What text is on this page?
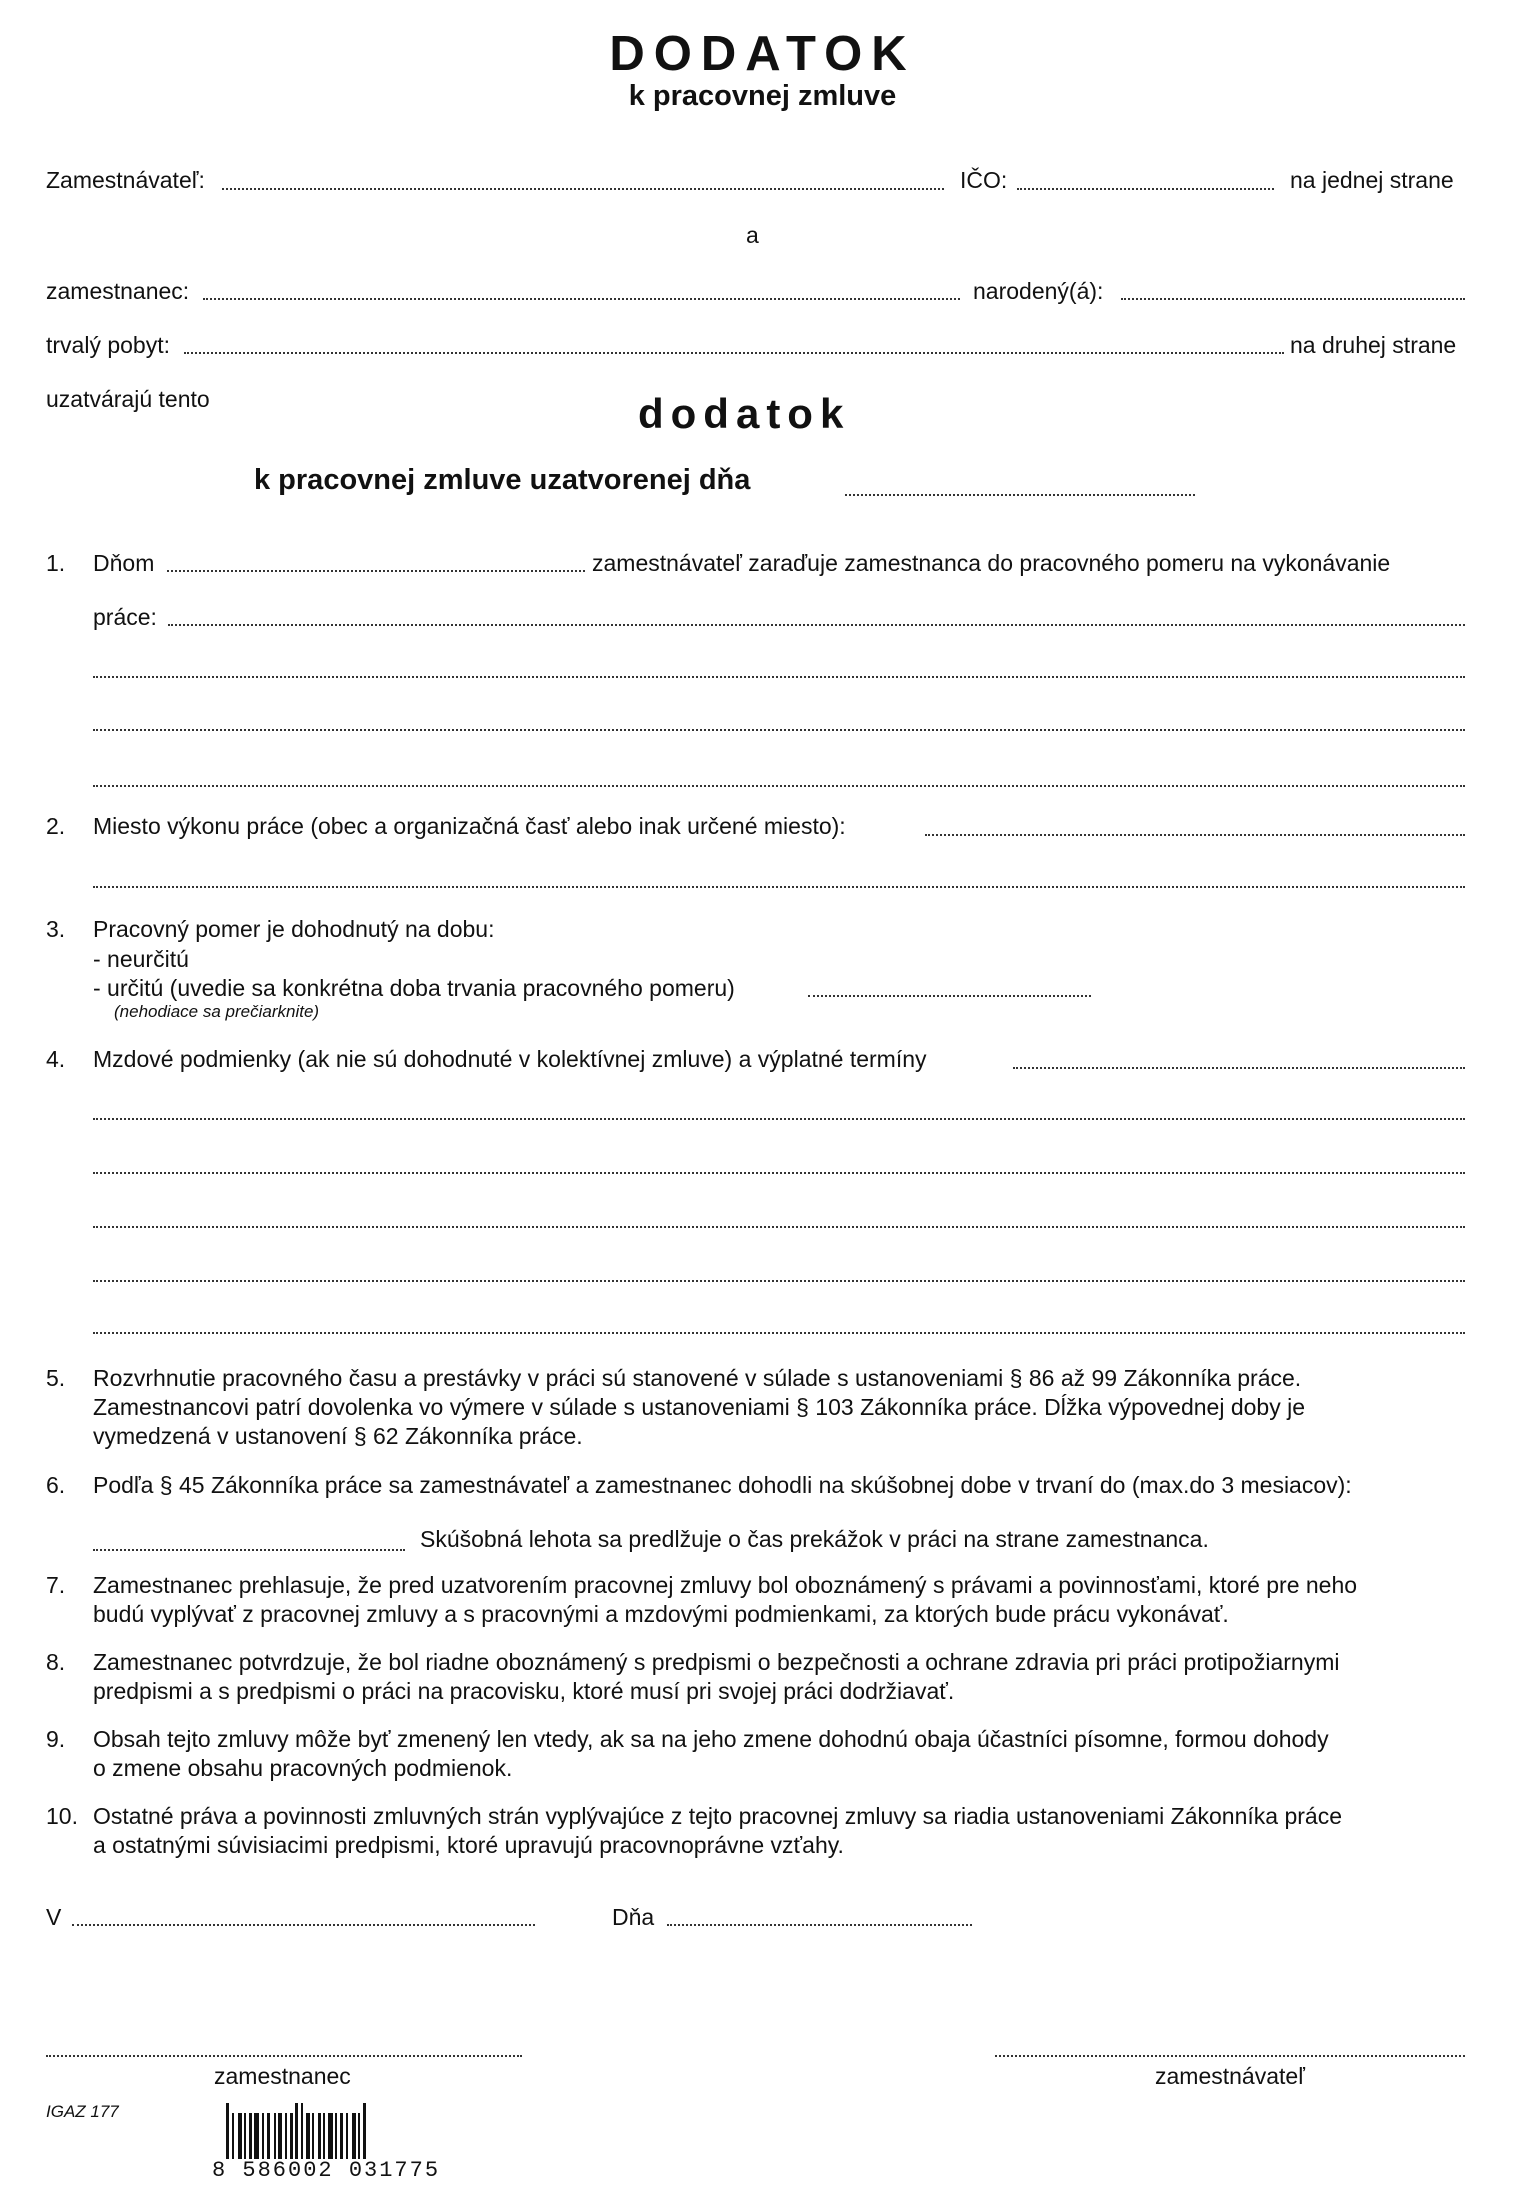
DODATOK
k pracovnej zmluve
Zamestnávateľ:	IČO:	na jednej strane
a
zamestnanec:	narodený(á):
trvalý pobyt:	na druhej strane
uzatvárajú tento	dodatok
k pracovnej zmluve uzatvorenej dňa
1. Dňom	zamestnávateľ zaraďuje zamestnanca do pracovného pomeru na vykonávanie
práce:
2. Miesto výkonu práce (obec a organizačná časť alebo inak určené miesto):
3. Pracovný pomer je dohodnutý na dobu:
- neurčitú
- určitú (uvedie sa konkrétna doba trvania pracovného pomeru)
(nehodiace sa prečiarknite)
4. Mzdové podmienky (ak nie sú dohodnuté v kolektívnej zmluve) a výplatné termíny
5. Rozvrhnutie pracovného času a prestávky v práci sú stanovené v súlade s ustanoveniami § 86 až 99 Zákonníka práce.
Zamestnancovi patrí dovolenka vo výmere v súlade s ustanoveniami § 103 Zákonníka práce. Dĺžka výpovednej doby je
vymedzená v ustanovení § 62 Zákonníka práce.
6. Podľa § 45 Zákonníka práce sa zamestnávateľ a zamestnanec dohodli na skúšobnej dobe v trvaní do (max.do 3 mesiacov):
Skúšobná lehota sa predlžuje o čas prekážok v práci na strane zamestnanca.
7. Zamestnanec prehlasuje, že pred uzatvorením pracovnej zmluvy bol oboznámený s právami a povinnosťami, ktoré pre neho
budú vyplývať z pracovnej zmluvy a s pracovnými a mzdovými podmienkami, za ktorých bude prácu vykonávať.
8. Zamestnanec potvrdzuje, že bol riadne oboznámený s predpismi o bezpečnosti a ochrane zdravia pri práci protipožiarnymi
predpismi a s predpismi o práci na pracovisku, ktoré musí pri svojej práci dodržiavať.
9. Obsah tejto zmluvy môže byť zmenený len vtedy, ak sa na jeho zmene dohodnú obaja účastníci písomne, formou dohody
o zmene obsahu pracovných podmienok.
10. Ostatné práva a povinnosti zmluvných strán vyplývajúce z tejto pracovnej zmluvy sa riadia ustanoveniami Zákonníka práce
a ostatnými súvisiacimi predpismi, ktoré upravujú pracovnoprávne vzťahy.
V	Dňa
zamestnanec	zamestnávateľ
IGAZ 177
8 586002 031775
